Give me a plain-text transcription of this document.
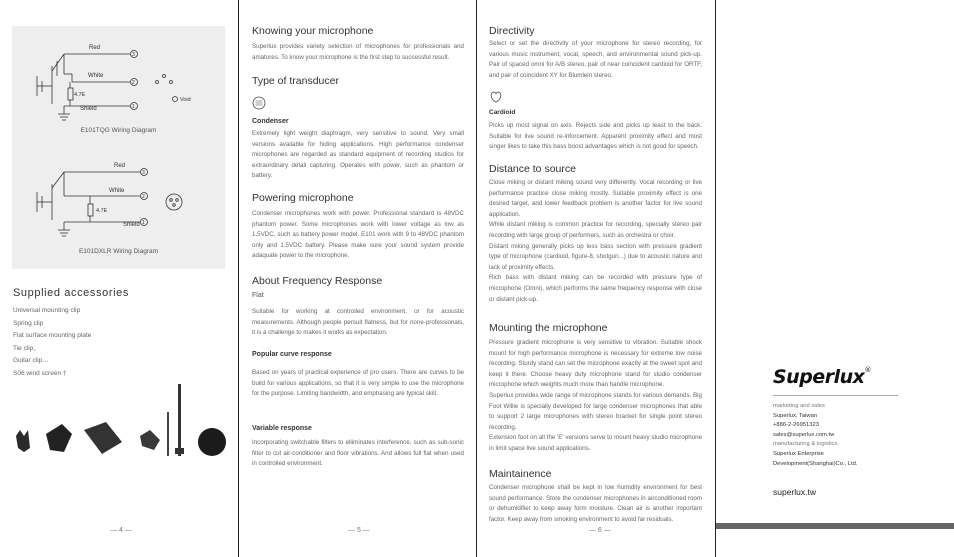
Red
White
Shield
4.7E
3
2
1
Void
E101TQG Wiring Diagram
Red
White
Shield
4.7E
3
2
1
E101DXLR Wiring Diagram
Supplied accessories
Universal mounting clip
Spring clip
Flat surface mounting plate
Tie clip、
Guitar clip…
S06 wind screen †
— 4 —
Knowing your microphone

Superlux provides variety selection of microphones for professionals and amatures. To know your microphone is the first step to successful result.

Type of transducer
Condenser

Extremely light weight diaphragm, very sensitive to sound. Very small versions available for hiding applications. High performance condenser microphones are regarded as standard equipment of recording studios for extraordinary detail capturing. Operates with power, such as phantom or battery.

Powering microphone

Condenser microphones work with power. Professional standard is 48VDC phantom power. Some microphones work with lower voltage as low as 1.5VDC, such as battery power model. E101 work with 9 to 48VDC phantom only and 1.5VDC battery. Please make sure your sound system provide adaquate power to the microphone.

About Frequency Response
Flat

Suitable for working at controlled environment, or for acoustic measurements. Although people persuit flatness, but for none-professionals, it is a challenge to makes it works as expectation.

Popular curve response

Based on years of practical experience of pro users. There are curves to be build for various applications, so that it is very simple to use the microphone for the purpose. Limiting bandwidth, and emphasing are typical skill.

Variable response

Incorporating switchable filters to elliminates interference, such as sub-sonic filter to cut air-conditioner and floor vibrations. And allows full flat when used in controlled environment.

— 5 —
Directivity

Select or set the directivity of your microphone for stereo recording, for various music instrument, vocal, speech, and environmental sound pick-up. Pair of spaced omni for A/B stereo, pair of near coincident cardioid for ORTF, and pair of coincident XY for Blumlein stereo.

Cardioid

Picks up most signal on axis. Rejects side and picks up least to the back. Suitable for live sound re-inforcement. Apparent proximity effect and most singer likes to take this bass boost advantages which is not good for speech.

Distance to source

Close miking or distant miking sound very differently. Vocal recording or live performance practice close miking mostly. Suitable proximity effect is one desired target, and lower feedback problem is another factor for live sound application.

While distant miking is common practice for recording, specially stereo pair recording with large group of performers, such as orchestra or choir.

Distant miking generally picks up less bass section with pressure gradient type of microphone (cardioid, figure-8, shotgun...) due to acoustic nature and lack of proximity effects.

Rich bass with distant miking can be recorded with pressure type of microphone (Omni), which performs the same frequency response with close or distant pick-up.

Mounting the microphone

Pressure gradient microphone is very sensitive to vibration. Suitable shock mount for high performance microphone is necessary for extreme low noise recording. Sturdy stand can set the microphone exactly at the sweet spot and keep it there. Choose heavy duty microphone stand for studio condenser microphone which weights much more than handle microphone.

Superlux provides wide range of microphone stands for various demands. Big Foot Willie is specially developed for large condenser microphones that able to support 2 large microphones with stereo bracket for single point stereo recording.

Extension foot on all the 'E' versions serve to mount heavy studio microphone in limit space live sound applications.

Maintainence

Condenser microphone shall be kept in low humidity environment for best sound performance. Store the condenser microphones in airconditioned room or dehumidifier to keep away form moisture. Clean air is another important factor. Keep away from smoking environment to avoid far residuals.

— 6 —
Superlux®
marketing and sales
Superlux, Taiwan
+886-2-26951323
sales@superlux.com.tw
manufacturing & logistics.
Superlux Enterprise
Development(Shanghai)Co., Ltd.
superlux.tw
